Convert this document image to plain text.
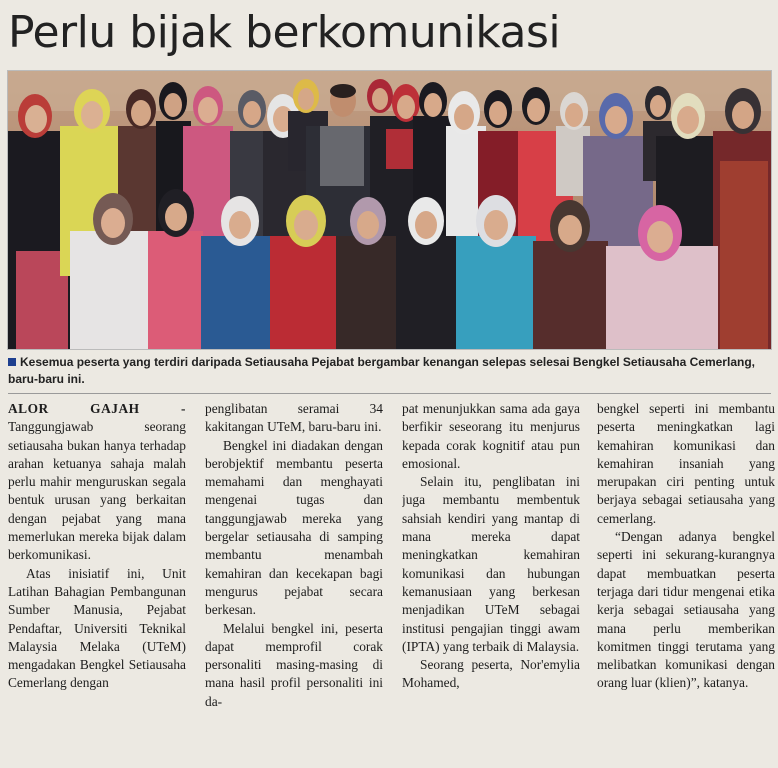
Perlu bijak berkomunikasi
Kesemua peserta yang terdiri daripada Setiausaha Pejabat bergambar kenangan selepas selesai Bengkel Setiausaha Cemerlang, baru-baru ini.

ALOR GAJAH - Tanggungjawab seorang setiausaha bukan hanya terhadap arahan ketuanya sahaja malah perlu mahir menguruskan segala bentuk urusan yang berkaitan dengan pejabat yang mana memerlukan mereka bijak dalam berkomunikasi.

Atas inisiatif ini, Unit Latihan Bahagian Pembangunan Sumber Manusia, Pejabat Pendaftar, Universiti Teknikal Malaysia Melaka (UTeM) mengadakan Bengkel Setiausaha Cemerlang dengan

penglibatan seramai 34 kakitangan UTeM, baru-baru ini.

Bengkel ini diadakan dengan berobjektif membantu peserta memahami dan menghayati mengenai tugas dan tanggungjawab mereka yang bergelar setiausaha di samping membantu menambah kemahiran dan kecekapan bagi mengurus pejabat secara berkesan.

Melalui bengkel ini, peserta dapat memprofil corak personaliti masing-masing di mana hasil profil personaliti ini da-

pat menunjukkan sama ada gaya berfikir seseorang itu menjurus kepada corak kognitif atau pun emosional.

Selain itu, penglibatan ini juga membantu membentuk sahsiah kendiri yang mantap di mana mereka dapat meningkatkan kemahiran komunikasi dan hubungan kemanusiaan yang berkesan menjadikan UTeM sebagai institusi pengajian tinggi awam (IPTA) yang terbaik di Malaysia.

Seorang peserta, Nor'emylia Mohamed,

bengkel seperti ini membantu peserta meningkatkan lagi kemahiran komunikasi dan kemahiran insaniah yang merupakan ciri penting untuk berjaya sebagai setiausaha yang cemerlang.

“Dengan adanya bengkel seperti ini sekurang-kurangnya dapat membuatkan peserta terjaga dari tidur mengenai etika kerja sebagai setiausaha yang mana perlu memberikan komitmen tinggi terutama yang melibatkan komunikasi dengan orang luar (klien)”, katanya.
